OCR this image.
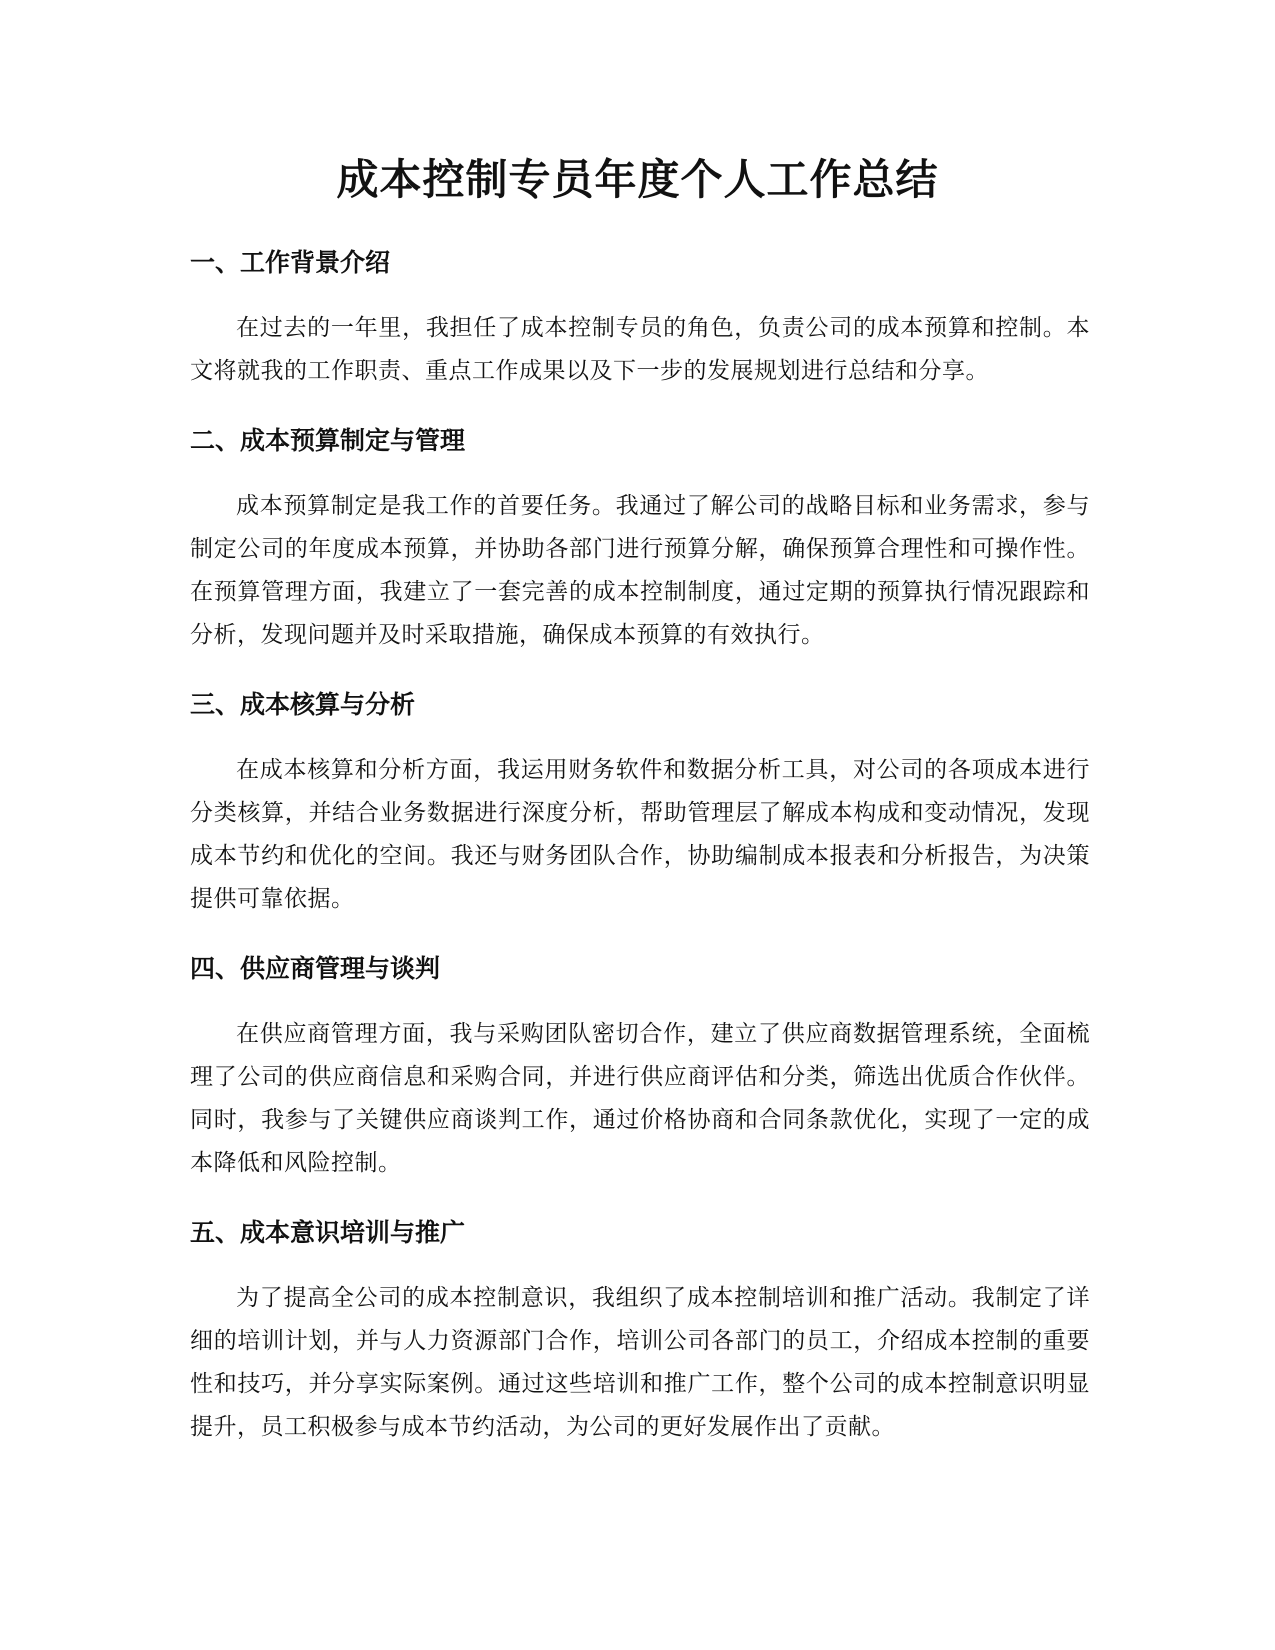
成本控制专员年度个人工作总结
一、工作背景介绍

在过去的一年里，我担任了成本控制专员的角色，负责公司的成本预算和控制。本文将就我的工作职责、重点工作成果以及下一步的发展规划进行总结和分享。

二、成本预算制定与管理

成本预算制定是我工作的首要任务。我通过了解公司的战略目标和业务需求，参与制定公司的年度成本预算，并协助各部门进行预算分解，确保预算合理性和可操作性。在预算管理方面，我建立了一套完善的成本控制制度，通过定期的预算执行情况跟踪和分析，发现问题并及时采取措施，确保成本预算的有效执行。

三、成本核算与分析

在成本核算和分析方面，我运用财务软件和数据分析工具，对公司的各项成本进行分类核算，并结合业务数据进行深度分析，帮助管理层了解成本构成和变动情况，发现成本节约和优化的空间。我还与财务团队合作，协助编制成本报表和分析报告，为决策提供可靠依据。

四、供应商管理与谈判

在供应商管理方面，我与采购团队密切合作，建立了供应商数据管理系统，全面梳理了公司的供应商信息和采购合同，并进行供应商评估和分类，筛选出优质合作伙伴。同时，我参与了关键供应商谈判工作，通过价格协商和合同条款优化，实现了一定的成本降低和风险控制。

五、成本意识培训与推广

为了提高全公司的成本控制意识，我组织了成本控制培训和推广活动。我制定了详细的培训计划，并与人力资源部门合作，培训公司各部门的员工，介绍成本控制的重要性和技巧，并分享实际案例。通过这些培训和推广工作，整个公司的成本控制意识明显提升，员工积极参与成本节约活动，为公司的更好发展作出了贡献。
